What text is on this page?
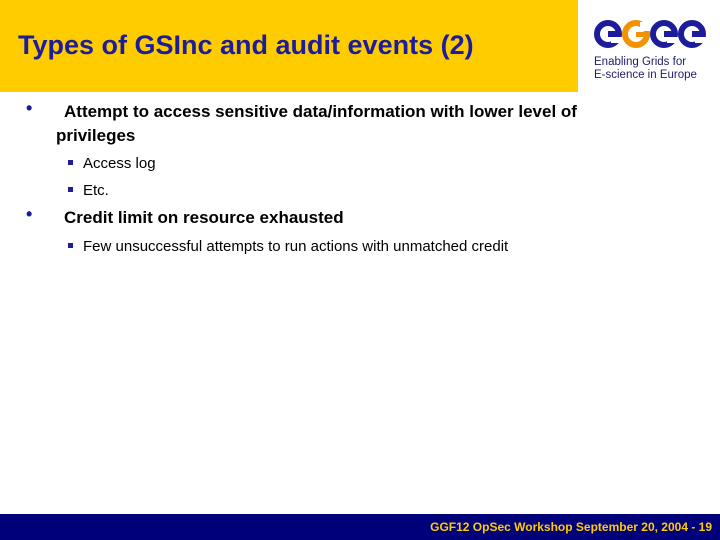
Types of GSInc and audit events (2)
Enabling Grids for
E-science in Europe
•	Attempt to access sensitive data/information with lower level of
privileges
Access log
Etc.
•	Credit limit on resource exhausted
Few unsuccessful attempts to run actions with unmatched credit
GGF12 OpSec Workshop September 20, 2004 - 19
